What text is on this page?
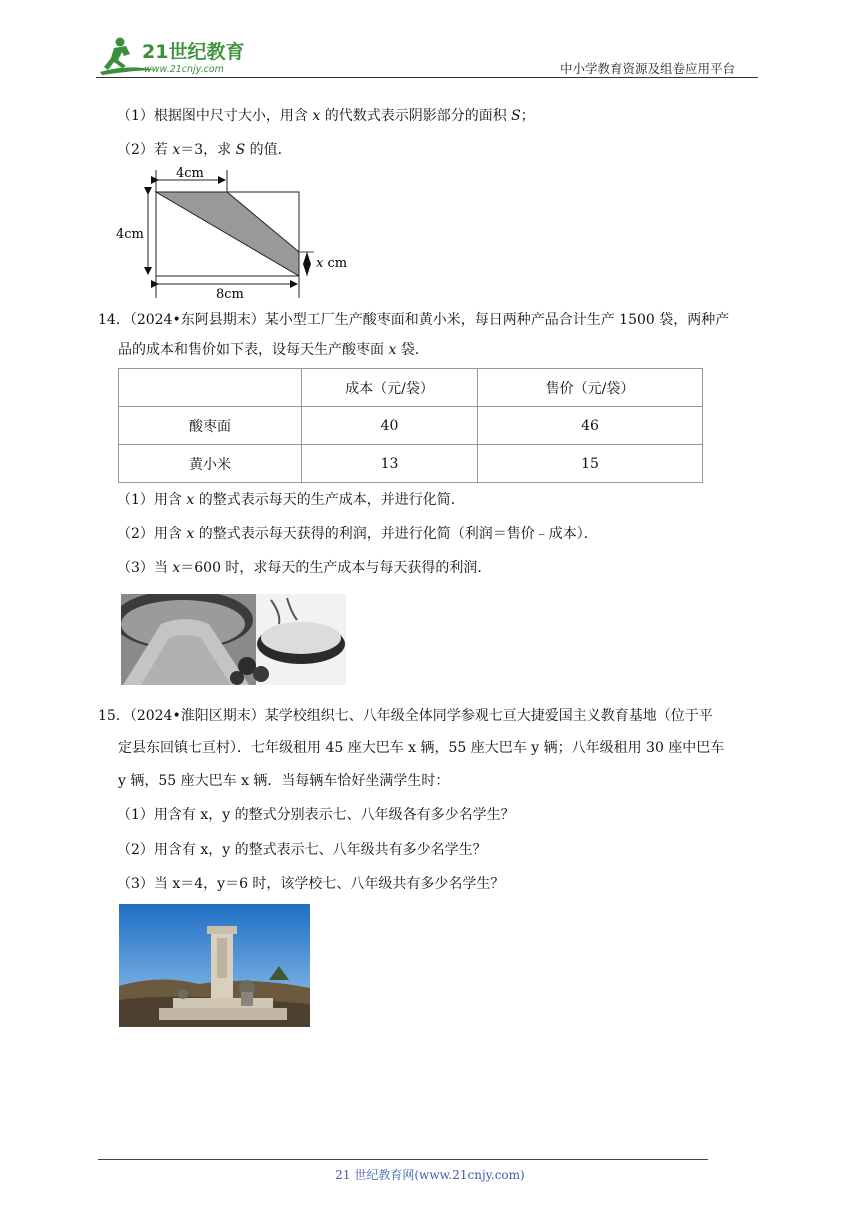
21世纪教育
www.21cnjy.com	中小学教育资源及组卷应用平台
（1）根据图中尺寸大小，用含 x 的代数式表示阴影部分的面积 S；
（2）若 x＝3，求 S 的值．
4cm
4cm
x cm
8cm
14．（2024•东阿县期末）某小型工厂生产酸枣面和黄小米，每日两种产品合计生产 1500 袋，两种产
品的成本和售价如下表，设每天生产酸枣面 x 袋．
	成本（元/袋）	售价（元/袋）
酸枣面	40	46
黄小米	13	15
（1）用含 x 的整式表示每天的生产成本，并进行化简．
（2）用含 x 的整式表示每天获得的利润，并进行化简（利润＝售价﹣成本）．
（3）当 x＝600 时，求每天的生产成本与每天获得的利润．
15．（2024•淮阳区期末）某学校组织七、八年级全体同学参观七亘大捷爱国主义教育基地（位于平
定县东回镇七亘村）．七年级租用 45 座大巴车 x 辆，55 座大巴车 y 辆；八年级租用 30 座中巴车
y 辆，55 座大巴车 x 辆．当每辆车恰好坐满学生时：
（1）用含有 x，y 的整式分别表示七、八年级各有多少名学生？
（2）用含有 x，y 的整式表示七、八年级共有多少名学生？
（3）当 x＝4，y＝6 时，该学校七、八年级共有多少名学生？
21 世纪教育网(www.21cnjy.com)
